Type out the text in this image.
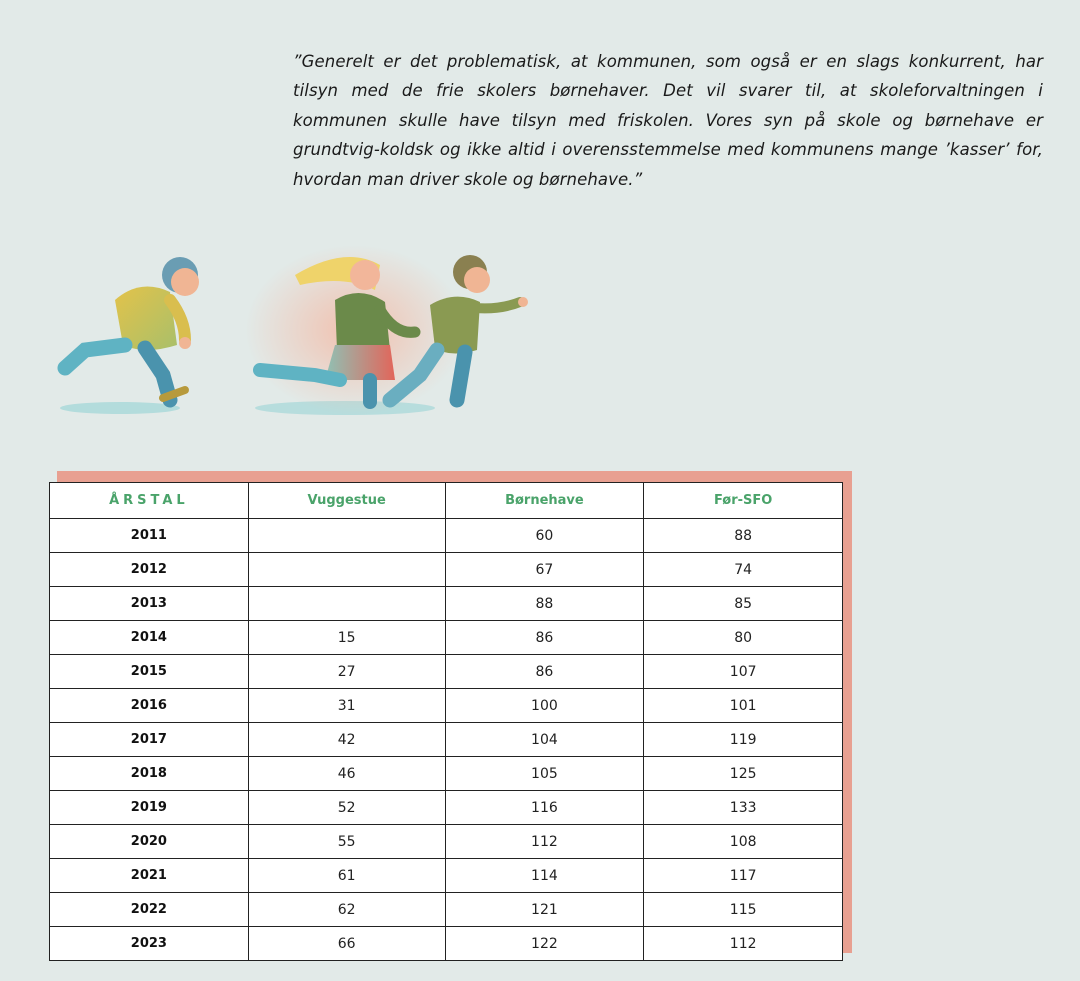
”Generelt er det problematisk, at kommunen, som også er en slags konkurrent, har tilsyn med de frie skolers børnehaver. Det vil svarer til, at skoleforvaltningen i kommunen skulle have tilsyn med friskolen. Vores syn på skole og børnehave er grundtvig-koldsk og ikke altid i overensstemmelse med kommunens mange ’kasser’ for, hvordan man driver skole og børnehave.”

ÅRSTAL	Vuggestue	Børnehave	Før-SFO
2011		60	88
2012		67	74
2013		88	85
2014	15	86	80
2015	27	86	107
2016	31	100	101
2017	42	104	119
2018	46	105	125
2019	52	116	133
2020	55	112	108
2021	61	114	117
2022	62	121	115
2023	66	122	112
